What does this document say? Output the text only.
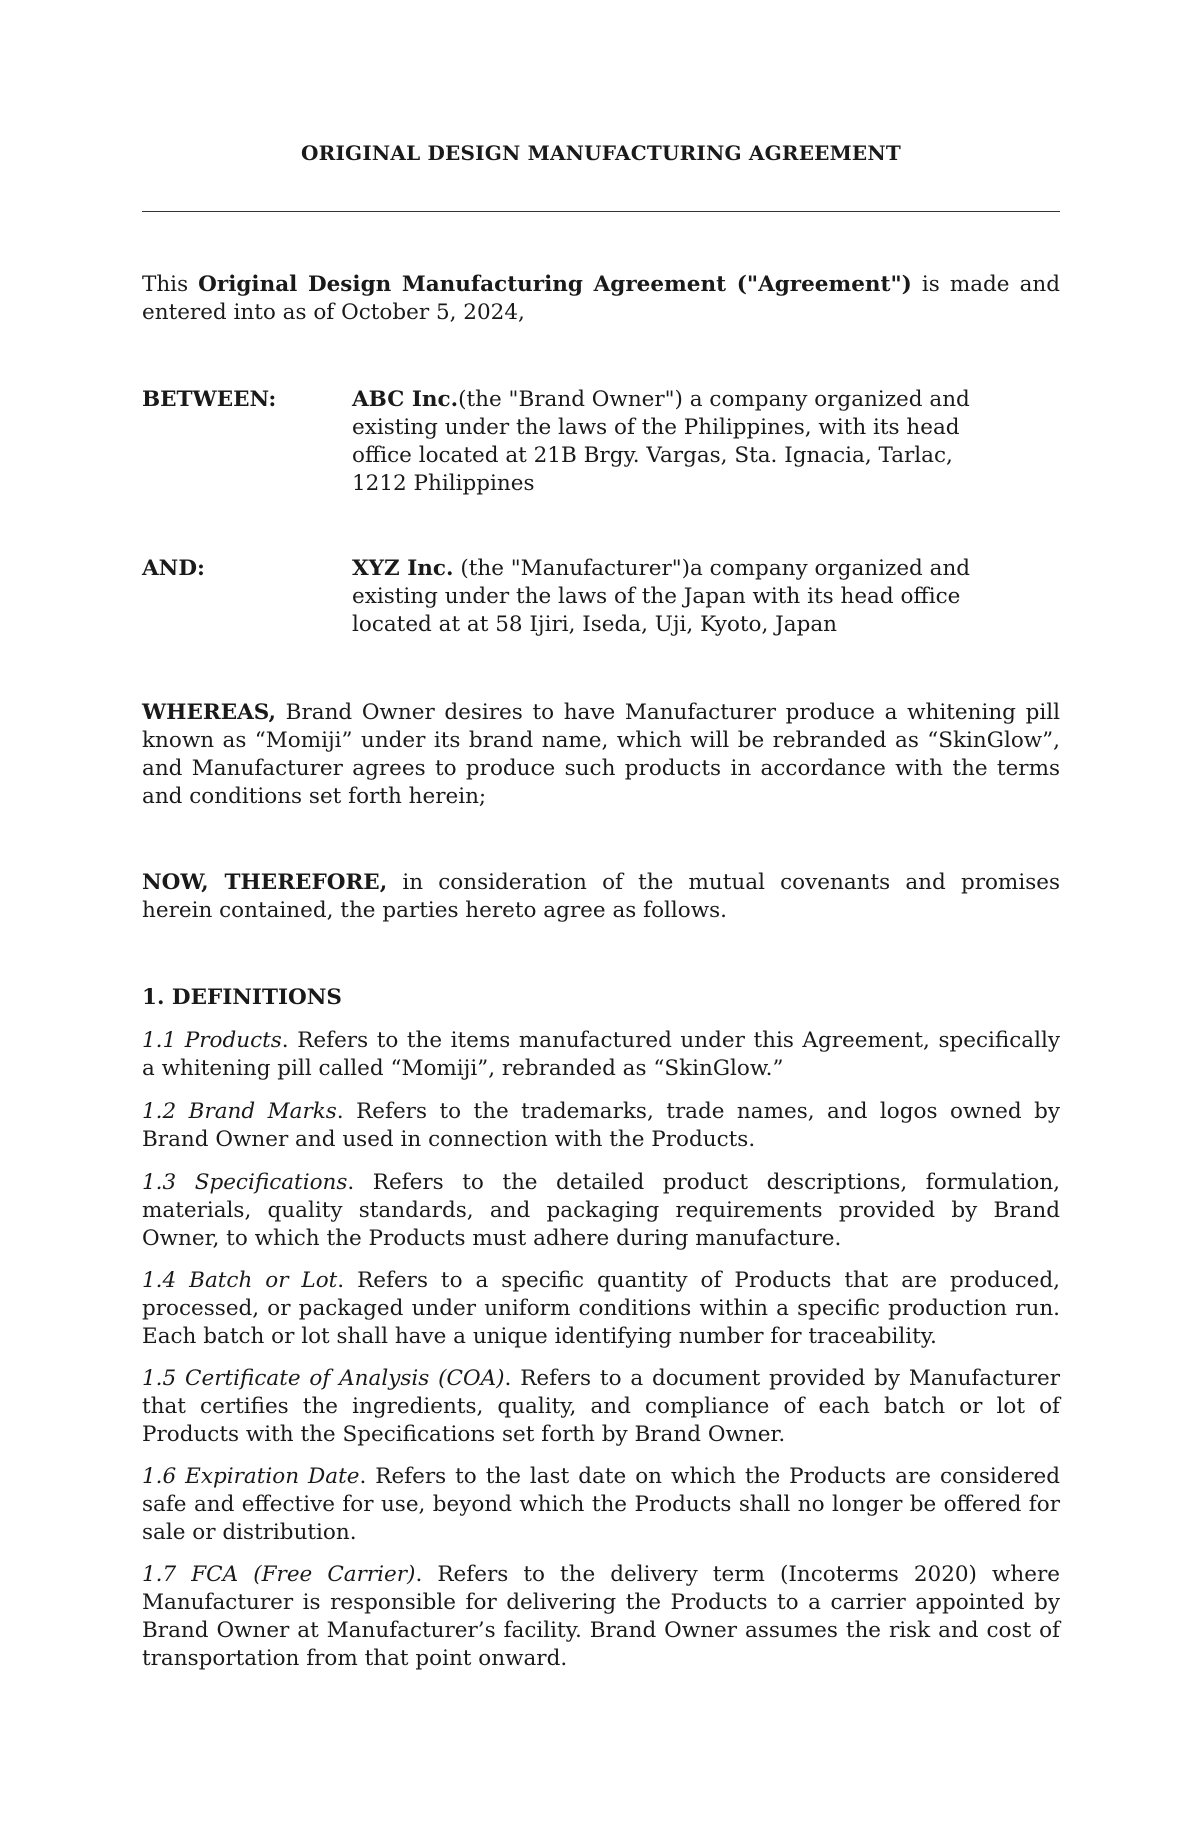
ORIGINAL DESIGN MANUFACTURING AGREEMENT

This Original Design Manufacturing Agreement ("Agreement") is made and entered into as of October 5, 2024,

BETWEEN:	ABC Inc.(the "Brand Owner") a company organized and existing under the laws of the Philippines, with its head office located at 21B Brgy. Vargas, Sta. Ignacia, Tarlac, 1212 Philippines
AND:	XYZ Inc. (the "Manufacturer")a company organized and existing under the laws of the Japan with its head office located at at 58 Ijiri, Iseda, Uji, Kyoto, Japan

WHEREAS, Brand Owner desires to have Manufacturer produce a whitening pill known as “Momiji” under its brand name, which will be rebranded as “SkinGlow”, and Manufacturer agrees to produce such products in accordance with the terms and conditions set forth herein;

NOW, THEREFORE, in consideration of the mutual covenants and promises herein contained, the parties hereto agree as follows.

1. DEFINITIONS

1.1 Products. Refers to the items manufactured under this Agreement, specifically a whitening pill called “Momiji”, rebranded as “SkinGlow.”

1.2 Brand Marks. Refers to the trademarks, trade names, and logos owned by Brand Owner and used in connection with the Products.

1.3 Specifications. Refers to the detailed product descriptions, formulation, materials, quality standards, and packaging requirements provided by Brand Owner, to which the Products must adhere during manufacture.

1.4 Batch or Lot. Refers to a specific quantity of Products that are produced, processed, or packaged under uniform conditions within a specific production run. Each batch or lot shall have a unique identifying number for traceability.

1.5 Certificate of Analysis (COA). Refers to a document provided by Manufacturer that certifies the ingredients, quality, and compliance of each batch or lot of Products with the Specifications set forth by Brand Owner.

1.6 Expiration Date. Refers to the last date on which the Products are considered safe and effective for use, beyond which the Products shall no longer be offered for sale or distribution.

1.7 FCA (Free Carrier). Refers to the delivery term (Incoterms 2020) where Manufacturer is responsible for delivering the Products to a carrier appointed by Brand Owner at Manufacturer’s facility. Brand Owner assumes the risk and cost of transportation from that point onward.
